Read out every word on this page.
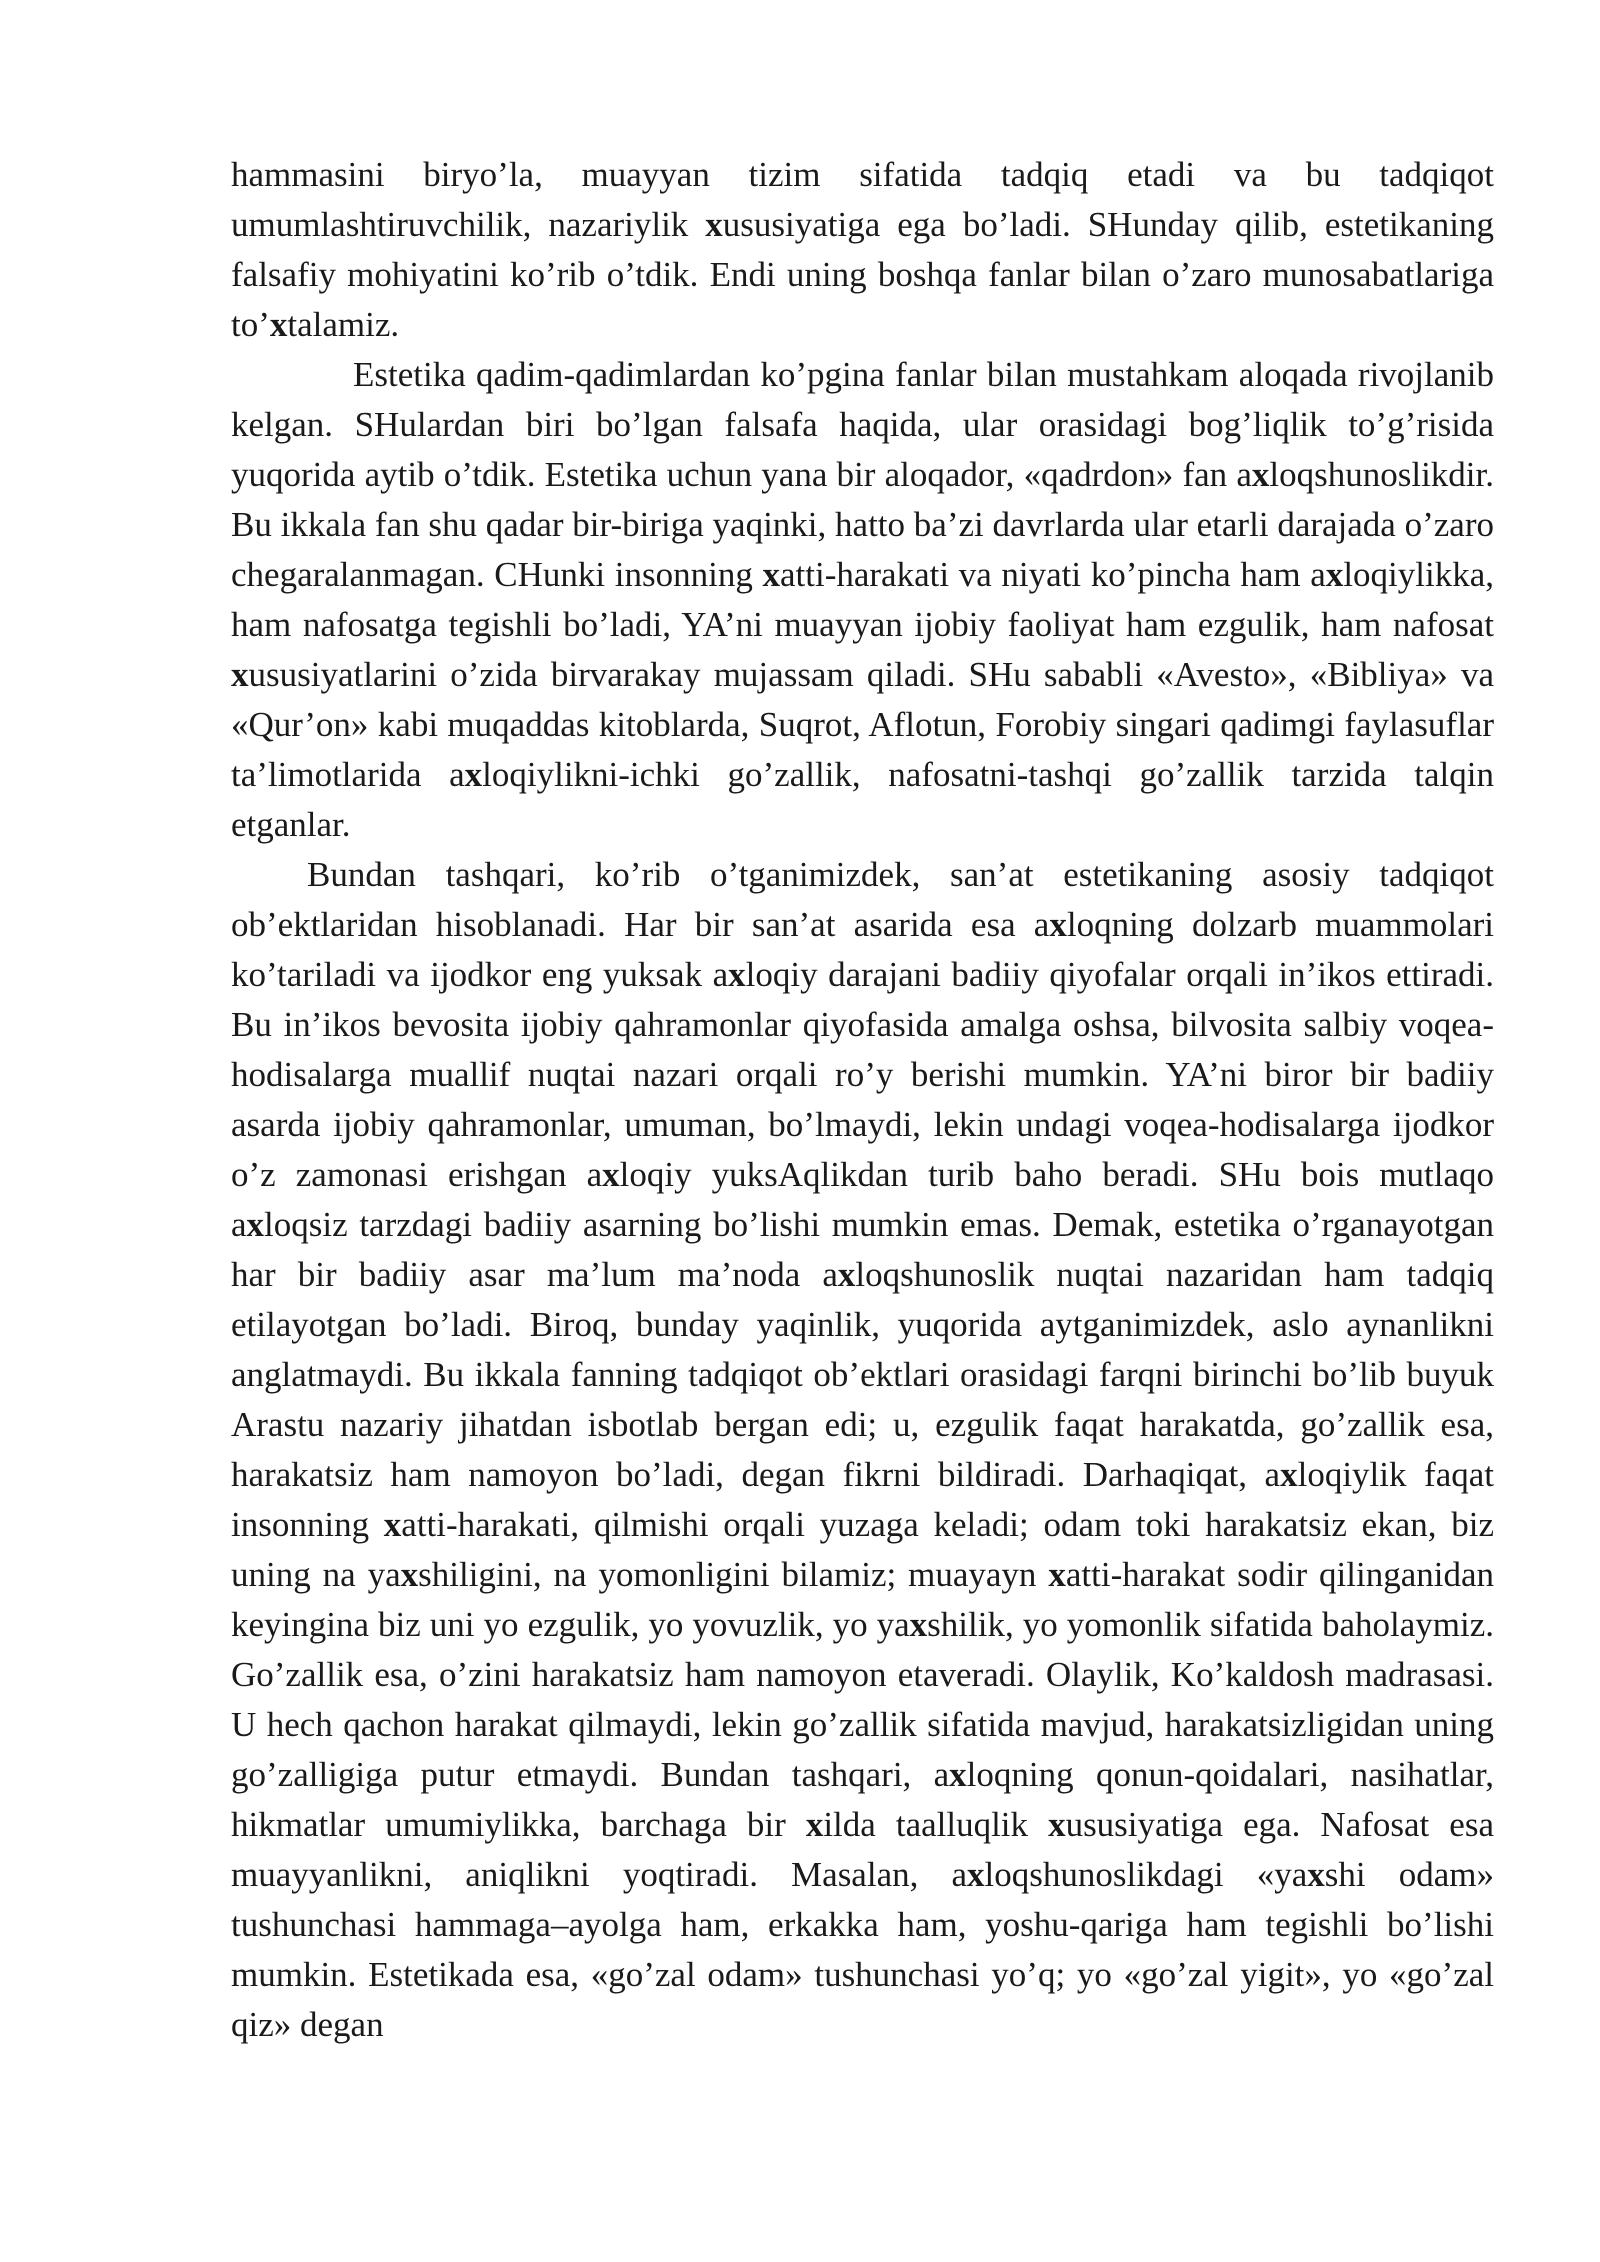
hammasini biryo’la, muayyan tizim sifatida tadqiq etadi va bu tadqiqot umumlashtiruvchilik, nazariylik xususiyatiga ega bo’ladi. SHunday qilib, estetikaning falsafiy mohiyatini ko’rib o’tdik. Endi uning boshqa fanlar bilan o’zaro munosabatlariga to’xtalamiz.

Estetika qadim-qadimlardan ko’pgina fanlar bilan mustahkam aloqada rivojlanib kelgan. SHulardan biri bo’lgan falsafa haqida, ular orasidagi bog’liqlik to’g’risida yuqorida aytib o’tdik. Estetika uchun yana bir aloqador, «qadrdon» fan axloqshunoslikdir. Bu ikkala fan shu qadar bir-biriga yaqinki, hatto ba’zi davrlarda ular etarli darajada o’zaro chegaralanmagan. CHunki insonning xatti-harakati va niyati ko’pincha ham axloqiylikka, ham nafosatga tegishli bo’ladi, YA’ni muayyan ijobiy faoliyat ham ezgulik, ham nafosat xususiyatlarini o’zida birvarakay mujassam qiladi. SHu sababli «Avesto», «Bibliya» va «Qur’on» kabi muqaddas kitoblarda, Suqrot, Aflotun, Forobiy singari qadimgi faylasuflar ta’limotlarida axloqiylikni-ichki go’zallik, nafosatni-tashqi go’zallik tarzida talqin etganlar.

Bundan tashqari, ko’rib o’tganimizdek, san’at estetikaning asosiy tadqiqot ob’ektlaridan hisoblanadi. Har bir san’at asarida esa axloqning dolzarb muammolari ko’tariladi va ijodkor eng yuksak axloqiy darajani badiiy qiyofalar orqali in’ikos ettiradi. Bu in’ikos bevosita ijobiy qahramonlar qiyofasida amalga oshsa, bilvosita salbiy voqea-hodisalarga muallif nuqtai nazari orqali ro’y berishi mumkin. YA’ni biror bir badiiy asarda ijobiy qahramonlar, umuman, bo’lmaydi, lekin undagi voqea-hodisalarga ijodkor o’z zamonasi erishgan axloqiy yuksAqlikdan turib baho beradi. SHu bois mutlaqo axloqsiz tarzdagi badiiy asarning bo’lishi mumkin emas. Demak, estetika o’rganayotgan har bir badiiy asar ma’lum ma’noda axloqshunoslik nuqtai nazaridan ham tadqiq etilayotgan bo’ladi. Biroq, bunday yaqinlik, yuqorida aytganimizdek, aslo aynanlikni anglatmaydi. Bu ikkala fanning tadqiqot ob’ektlari orasidagi farqni birinchi bo’lib buyuk Arastu nazariy jihatdan isbotlab bergan edi; u, ezgulik faqat harakatda, go’zallik esa, harakatsiz ham namoyon bo’ladi, degan fikrni bildiradi. Darhaqiqat, axloqiylik faqat insonning xatti-harakati, qilmishi orqali yuzaga keladi; odam toki harakatsiz ekan, biz uning na yaxshiligini, na yomonligini bilamiz; muayayn xatti-harakat sodir qilinganidan keyingina biz uni yo ezgulik, yo yovuzlik, yo yaxshilik, yo yomonlik sifatida baholaymiz. Go’zallik esa, o’zini harakatsiz ham namoyon etaveradi. Olaylik, Ko’kaldosh madrasasi. U hech qachon harakat qilmaydi, lekin go’zallik sifatida mavjud, harakatsizligidan uning go’zalligiga putur etmaydi. Bundan tashqari, axloqning qonun-qoidalari, nasihatlar, hikmatlar umumiylikka, barchaga bir xilda taalluqlik xususiyatiga ega. Nafosat esa muayyanlikni, aniqlikni yoqtiradi. Masalan, axloqshunoslikdagi «yaxshi odam» tushunchasi hammaga–ayolga ham, erkakka ham, yoshu-qariga ham tegishli bo’lishi mumkin. Estetikada esa, «go’zal odam» tushunchasi yo’q; yo «go’zal yigit», yo «go’zal qiz» degan
